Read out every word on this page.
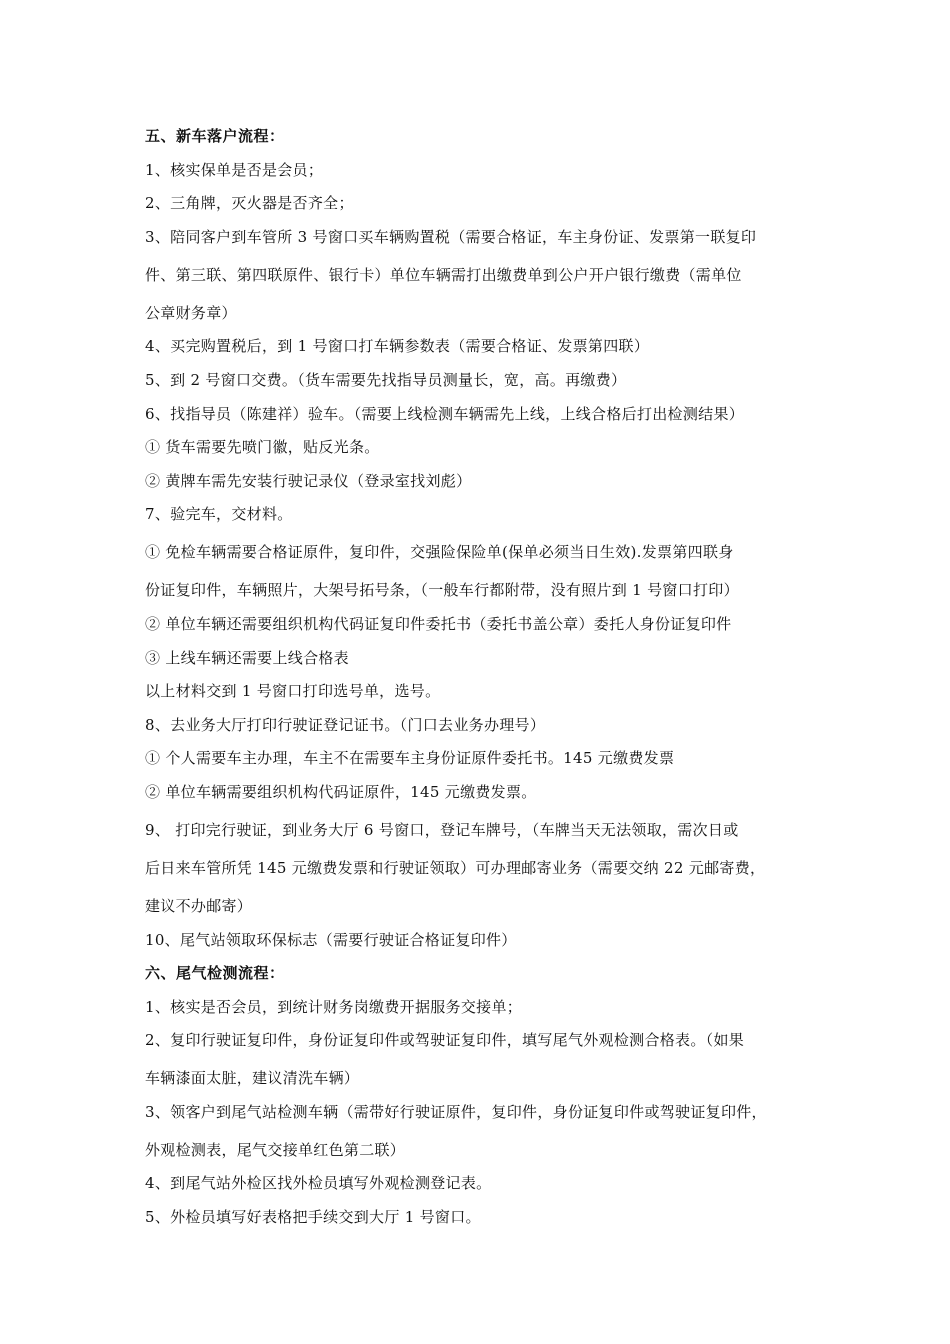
五、新车落户流程：
1、核实保单是否是会员；
2、三角牌，灭火器是否齐全；
3、陪同客户到车管所 3 号窗口买车辆购置税（需要合格证，车主身份证、发票第一联复印
件、第三联、第四联原件、银行卡）单位车辆需打出缴费单到公户开户银行缴费（需单位
公章财务章）
4、买完购置税后，到 1 号窗口打车辆参数表（需要合格证、发票第四联）
5、到 2 号窗口交费。（货车需要先找指导员测量长，宽，高。再缴费）
6、找指导员（陈建祥）验车。（需要上线检测车辆需先上线，上线合格后打出检测结果）
① 货车需要先喷门徽，贴反光条。
② 黄牌车需先安装行驶记录仪（登录室找刘彪）
7、验完车，交材料。
① 免检车辆需要合格证原件，复印件，交强险保险单(保单必须当日生效).发票第四联身
份证复印件，车辆照片，大架号拓号条，（一般车行都附带，没有照片到 1 号窗口打印）
② 单位车辆还需要组织机构代码证复印件委托书（委托书盖公章）委托人身份证复印件
③ 上线车辆还需要上线合格表
以上材料交到 1 号窗口打印选号单，选号。
8、去业务大厅打印行驶证登记证书。（门口去业务办理号）
① 个人需要车主办理，车主不在需要车主身份证原件委托书。145 元缴费发票
② 单位车辆需要组织机构代码证原件，145 元缴费发票。
9、 打印完行驶证，到业务大厅 6 号窗口，登记车牌号，（车牌当天无法领取，需次日或
后日来车管所凭 145 元缴费发票和行驶证领取）可办理邮寄业务（需要交纳 22 元邮寄费，
建议不办邮寄）
10、尾气站领取环保标志（需要行驶证合格证复印件）
六、尾气检测流程：
1、核实是否会员，到统计财务岗缴费开据服务交接单；
2、复印行驶证复印件，身份证复印件或驾驶证复印件，填写尾气外观检测合格表。（如果
车辆漆面太脏，建议清洗车辆）
3、领客户到尾气站检测车辆（需带好行驶证原件，复印件，身份证复印件或驾驶证复印件，
外观检测表，尾气交接单红色第二联）
4、到尾气站外检区找外检员填写外观检测登记表。
5、外检员填写好表格把手续交到大厅 1 号窗口。
